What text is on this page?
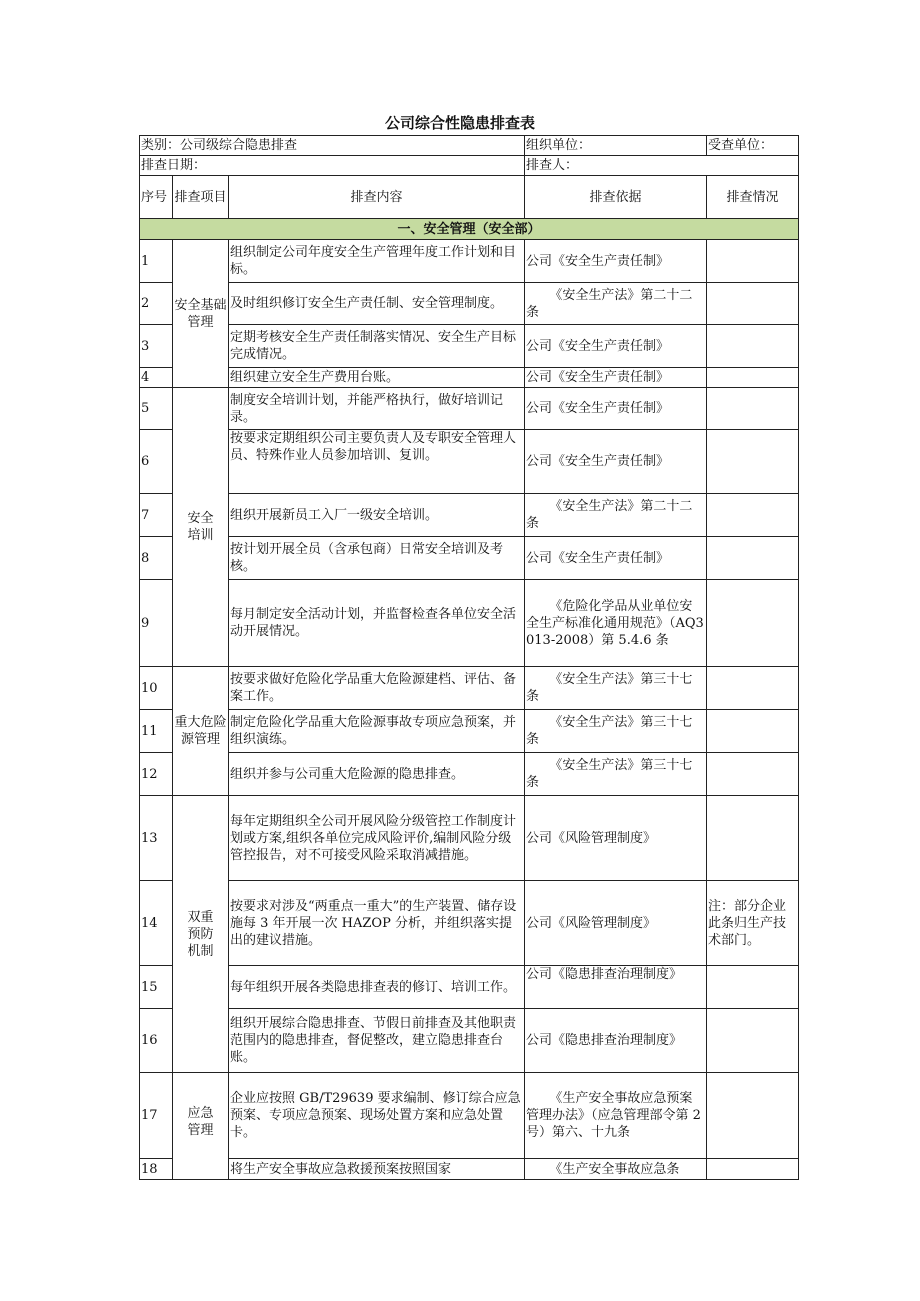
公司综合性隐患排查表
类别：公司级综合隐患排查			组织单位：	受查单位：
排查日期：			排查人：	
序号	排查项目	排查内容	排查依据	排查情况
一、安全管理（安全部）				
1	安全基础管理	组织制定公司年度安全生产管理年度工作计划和目标。	公司《安全生产责任制》	
2		及时组织修订安全生产责任制、安全管理制度。	《安全生产法》第二十二条	
3		定期考核安全生产责任制落实情况、安全生产目标完成情况。	公司《安全生产责任制》	
4		组织建立安全生产费用台账。	公司《安全生产责任制》	
5	安全培训	制度安全培训计划，并能严格执行，做好培训记录。	公司《安全生产责任制》	
6		按要求定期组织公司主要负责人及专职安全管理人员、特殊作业人员参加培训、复训。	公司《安全生产责任制》	
7		组织开展新员工入厂一级安全培训。	《安全生产法》第二十二条	
8		按计划开展全员（含承包商）日常安全培训及考核。	公司《安全生产责任制》	
9		每月制定安全活动计划，并监督检查各单位安全活动开展情况。	《危险化学品从业单位安全生产标准化通用规范》（AQ3013-2008）第 5.4.6 条	
10	重大危险源管理	按要求做好危险化学品重大危险源建档、评估、备案工作。	《安全生产法》第三十七条	
11		制定危险化学品重大危险源事故专项应急预案，并组织演练。	《安全生产法》第三十七条	
12		组织并参与公司重大危险源的隐患排查。	《安全生产法》第三十七条	
13	双重预防机制	每年定期组织全公司开展风险分级管控工作制度计划或方案,组织各单位完成风险评价,编制风险分级管控报告，对不可接受风险采取消减措施。	公司《风险管理制度》	
14		按要求对涉及“两重点一重大”的生产装置、储存设施每 3 年开展一次 HAZOP 分析，并组织落实提出的建议措施。	公司《风险管理制度》	注：部分企业此条归生产技术部门。
15		每年组织开展各类隐患排查表的修订、培训工作。	公司《隐患排查治理制度》	
16		组织开展综合隐患排查、节假日前排查及其他职责范围内的隐患排查，督促整改，建立隐患排查台账。	公司《隐患排查治理制度》	
17	应急管理	企业应按照 GB/T29639 要求编制、修订综合应急预案、专项应急预案、现场处置方案和应急处置卡。	《生产安全事故应急预案管理办法》（应急管理部令第 2 号）第六、十九条	
18		将生产安全事故应急救援预案按照国家	《生产安全事故应急条	
